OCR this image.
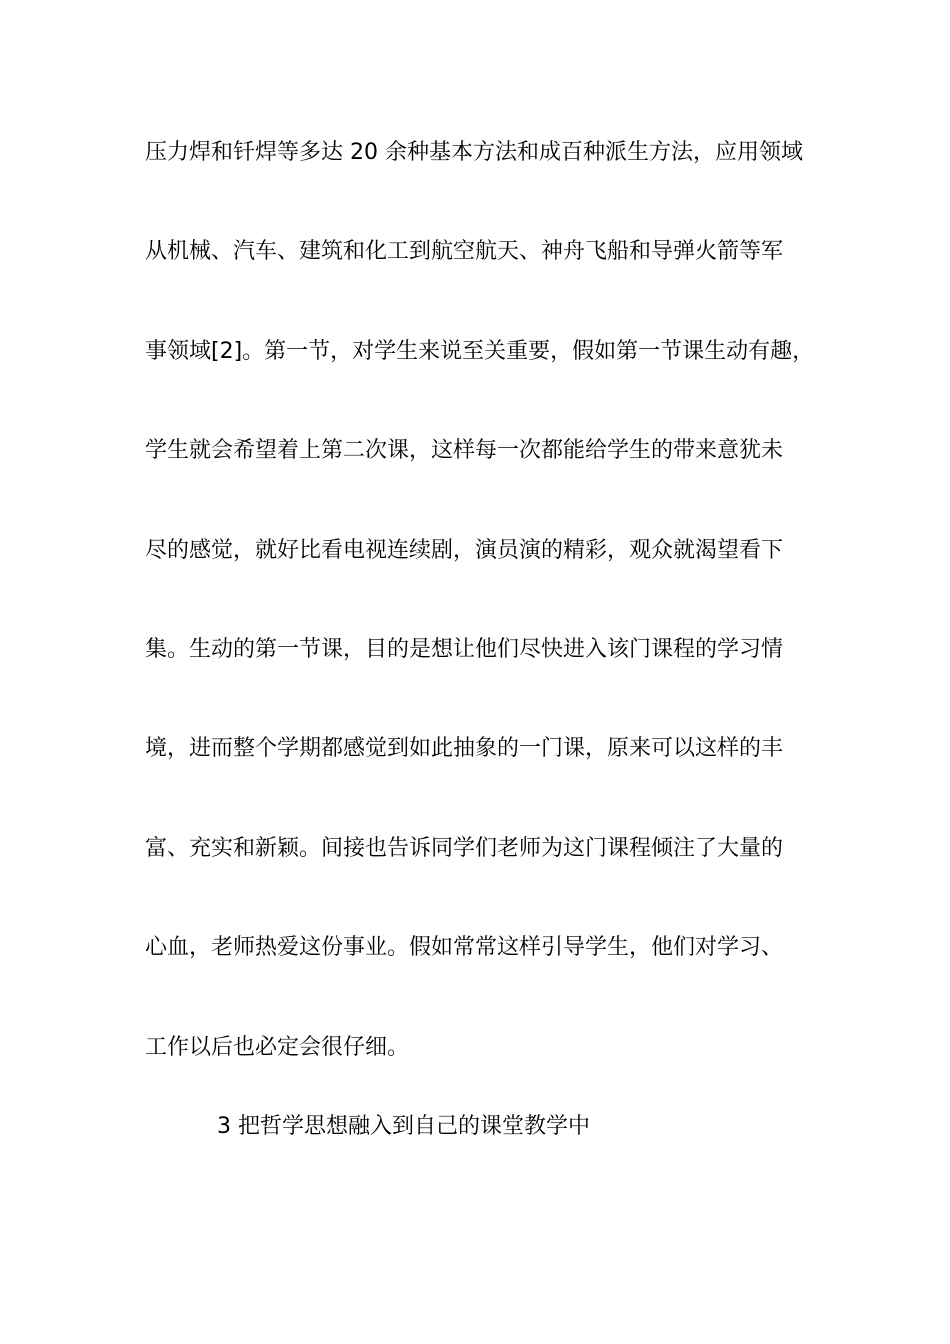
压力焊和钎焊等多达 20 余种基本方法和成百种派生方法，应用领域
从机械、汽车、建筑和化工到航空航天、神舟飞船和导弹火箭等军
事领域[2]。第一节，对学生来说至关重要，假如第一节课生动有趣，
学生就会希望着上第二次课，这样每一次都能给学生的带来意犹未
尽的感觉，就好比看电视连续剧，演员演的精彩，观众就渴望看下
集。生动的第一节课，目的是想让他们尽快进入该门课程的学习情
境，进而整个学期都感觉到如此抽象的一门课，原来可以这样的丰
富、充实和新颖。间接也告诉同学们老师为这门课程倾注了大量的
心血，老师热爱这份事业。假如常常这样引导学生，他们对学习、
工作以后也必定会很仔细。
3 把哲学思想融入到自己的课堂教学中
